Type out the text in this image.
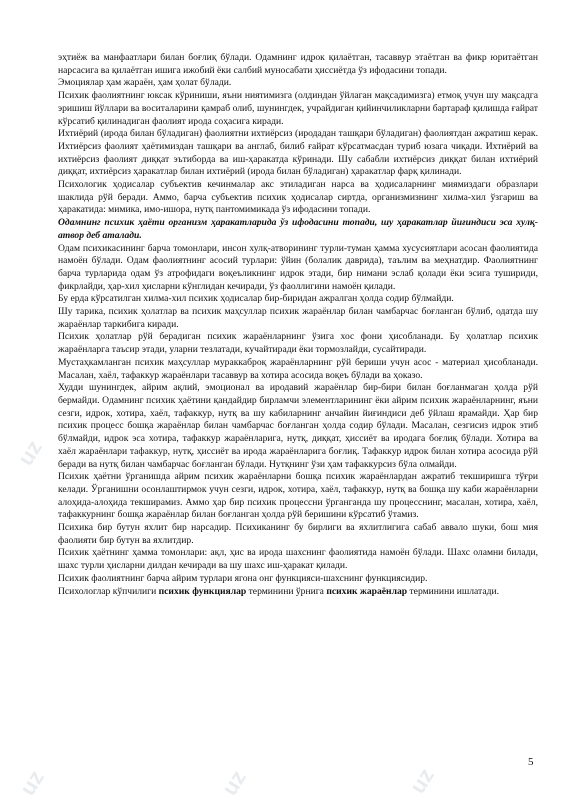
uz
uz	uz	uz

эҳтиёж ва манфаатлари билан боғлиқ бўлади. Одамнинг идрок қилаётган, тасаввур этаётган ва фикр юритаётган нарсасига ва қилаётган ишига ижобий ёки салбий муносабати ҳиссиётда ўз ифодасини топади.

Эмоциялар ҳам жараён, ҳам ҳолат бўлади.

Психик фаолиятнинг юксак кўриниши, яъни ниятимизга (олдиндан ўйлаган мақсадимизга) етмоқ учун шу мақсадга эришиш йўллари ва воситаларини қамраб олиб, шунингдек, учрайдиган қийинчиликларни бартараф қилишда ғайрат кўрсатиб қилинадиган фаолият ирода соҳасига киради.

Ихтиёрий (ирода билан бўладиган) фаолиятни ихтиёрсиз (иродадан ташқари бўладиган) фаолиятдан ажратиш керак. Ихтиёрсиз фаолият ҳаётимиздан ташқари ва англаб, билиб ғайрат кўрсатмасдан туриб юзага чиқади. Ихтиёрий ва ихтиёрсиз фаолият диққат эътиборда ва иш-ҳаракатда кўринади. Шу сабабли ихтиёрсиз диққат билан ихтиёрий диққат, ихтиёрсиз ҳаракатлар билан ихтиёрий (ирода билан бўладиган) ҳаракатлар фарқ қилинади.

Психологик ҳодисалар субъектив кечинмалар акс этиладиган нарса ва ҳодисаларнинг миямиздаги образлари шаклида рўй беради. Аммо, барча субъектив психик ҳодисалар сиртда, организмизнинг хилма-хил ўзгариш ва ҳаракатида: мимика, имо-ишора, нутқ пантомимикада ўз ифодасини топади.

Одамнинг психик ҳаёти организм ҳаракатларида ўз ифодасини топади, шу ҳаракатлар йиғиндиси эса хулқ-атвор деб аталади.

Одам психикасининг барча томонлари, инсон хулқ-атворининг турли-туман ҳамма хусусиятлари асосан фаолиятида намоён бўлади. Одам фаолиятнинг асосий турлари: ўйин (болалик даврида), таълим ва меҳнатдир. Фаолиятнинг барча турларида одам ўз атрофидаги воқеъликнинг идрок этади, бир нимани эслаб қолади ёки эсига тушириди, фикрлайди, ҳар-хил ҳисларни кўнглидан кечиради, ўз фаоллигини намоён қилади.

Бу ерда кўрсатилган хилма-хил психик ҳодисалар бир-биридан ажралган ҳолда содир бўлмайди.

Шу тарика, психик ҳолатлар ва психик маҳсуллар психик жараёнлар билан чамбарчас боғланган бўлиб, одатда шу жараёнлар таркибига киради.

Психик ҳолатлар рўй берадиган психик жараёнларнинг ўзига хос фони ҳисобланади. Бу ҳолатлар психик жараёнларга таъсир этади, уларни тезлатади, кучайтиради ёки тормозлайди, сусайтиради.

Мустаҳкамланган психик маҳсуллар мураккаброқ жараёнларнинг рўй бериши учун асос - материал ҳисобланади. Масалан, хаёл, тафаккур жараёнлари тасаввур ва хотира асосида воқеъ бўлади ва ҳоказо.

Худди шунингдек, айрим ақлий, эмоционал ва иродавий жараёнлар бир-бири билан боғланмаган ҳолда рўй бермайди. Одамнинг психик ҳаётини қандайдир бирламчи элементларининг ёки айрим психик жараёнларнинг, яъни сезги, идрок, хотира, хаёл, тафаккур, нутқ ва шу кабиларнинг анчайин йиғиндиси деб ўйлаш ярамайди. Ҳар бир психик процесс бошқа жараёнлар билан чамбарчас боғланган ҳолда содир бўлади. Масалан, сезгисиз идрок этиб бўлмайди, идрок эса хотира, тафаккур жараёнларига, нутқ, диққат, ҳиссиёт ва иродага боғлиқ бўлади. Хотира ва хаёл жараёнлари тафаккур, нутқ, ҳиссиёт ва ирода жараёнларига боғлиқ. Тафаккур идрок билан хотира асосида рўй беради ва нутқ билан чамбарчас боғланган бўлади. Нутқнинг ўзи ҳам тафаккурсиз бўла олмайди.

Психик ҳаётни ўрганишда айрим психик жараёнларни бошқа психик жараёнлардан ажратиб текширишга тўғри келади. Ўрганишни осонлаштирмок учун сезги, идрок, хотира, хаёл, тафаккур, нутқ ва бошқа шу каби жараёнларни алоҳида-алоҳида текширамиз. Аммо ҳар бир психик процессни ўрганганда шу процесснинг, масалан, хотира, хаёл, тафаккурнинг бошқа жараёнлар билан боғланган ҳолда рўй беришини кўрсатиб ўтамиз.

Психика бир бутун яхлит бир нарсадир. Психиканинг бу бирлиги ва яхлитлигига сабаб аввало шуки, бош мия фаолияти бир бутун ва яхлитдир.

Психик ҳаётнинг ҳамма томонлари: ақл, ҳис ва ирода шахснинг фаолиятида намоён бўлади. Шахс оламни билади, шахс турли ҳисларни дилдан кечиради ва шу шахс иш-ҳаракат қилади.

Психик фаолиятнинг барча айрим турлари ягона онг функцияси-шахснинг функциясидир.

Психологлар кўпчилиги психик функциялар терминини ўрнига психик жараёнлар терминини ишлатади.

5
